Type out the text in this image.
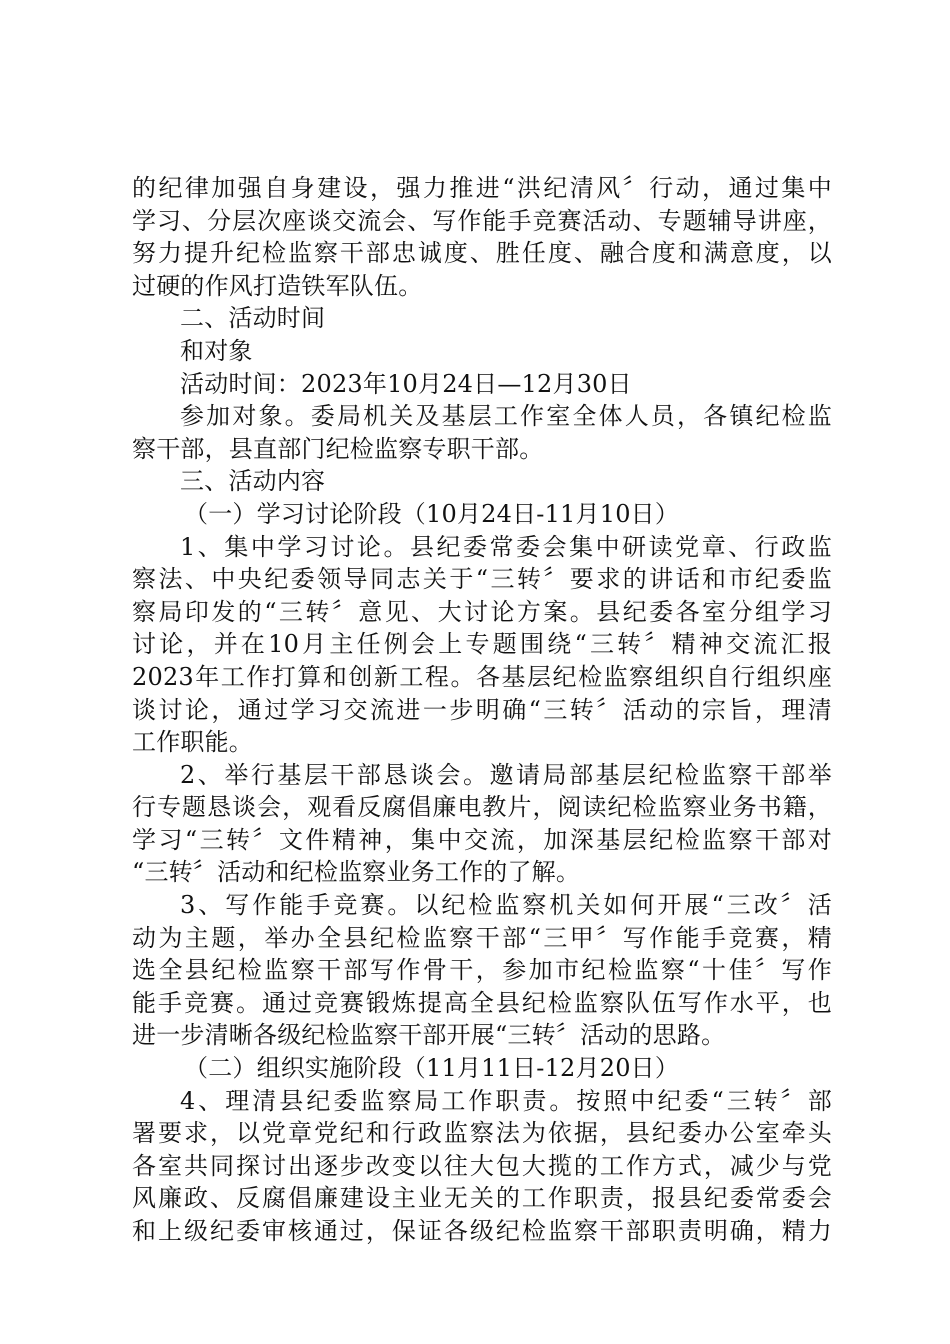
的纪律加强自身建设，强力推进“洪纪清风〞行动，通过集中
学习、分层次座谈交流会、写作能手竞赛活动、专题辅导讲座，
努力提升纪检监察干部忠诚度、胜任度、融合度和满意度，以
过硬的作风打造铁军队伍。
二、活动时间
和对象
活动时间：2023年10月24日—12月30日
参加对象。委局机关及基层工作室全体人员，各镇纪检监
察干部，县直部门纪检监察专职干部。
三、活动内容
（一）学习讨论阶段（10月24日-11月10日）
1、集中学习讨论。县纪委常委会集中研读党章、行政监
察法、中央纪委领导同志关于“三转〞要求的讲话和市纪委监
察局印发的“三转〞意见、大讨论方案。县纪委各室分组学习
讨论，并在10月主任例会上专题围绕“三转〞精神交流汇报
2023年工作打算和创新工程。各基层纪检监察组织自行组织座
谈讨论，通过学习交流进一步明确“三转〞活动的宗旨，理清
工作职能。
2、举行基层干部恳谈会。邀请局部基层纪检监察干部举
行专题恳谈会，观看反腐倡廉电教片，阅读纪检监察业务书籍，
学习“三转〞文件精神，集中交流，加深基层纪检监察干部对
“三转〞活动和纪检监察业务工作的了解。
3、写作能手竞赛。以纪检监察机关如何开展“三改〞活
动为主题，举办全县纪检监察干部“三甲〞写作能手竞赛，精
选全县纪检监察干部写作骨干，参加市纪检监察“十佳〞写作
能手竞赛。通过竞赛锻炼提高全县纪检监察队伍写作水平，也
进一步清晰各级纪检监察干部开展“三转〞活动的思路。
（二）组织实施阶段（11月11日-12月20日）
4、理清县纪委监察局工作职责。按照中纪委“三转〞部
署要求，以党章党纪和行政监察法为依据，县纪委办公室牵头
各室共同探讨出逐步改变以往大包大揽的工作方式，减少与党
风廉政、反腐倡廉建设主业无关的工作职责，报县纪委常委会
和上级纪委审核通过，保证各级纪检监察干部职责明确，精力
